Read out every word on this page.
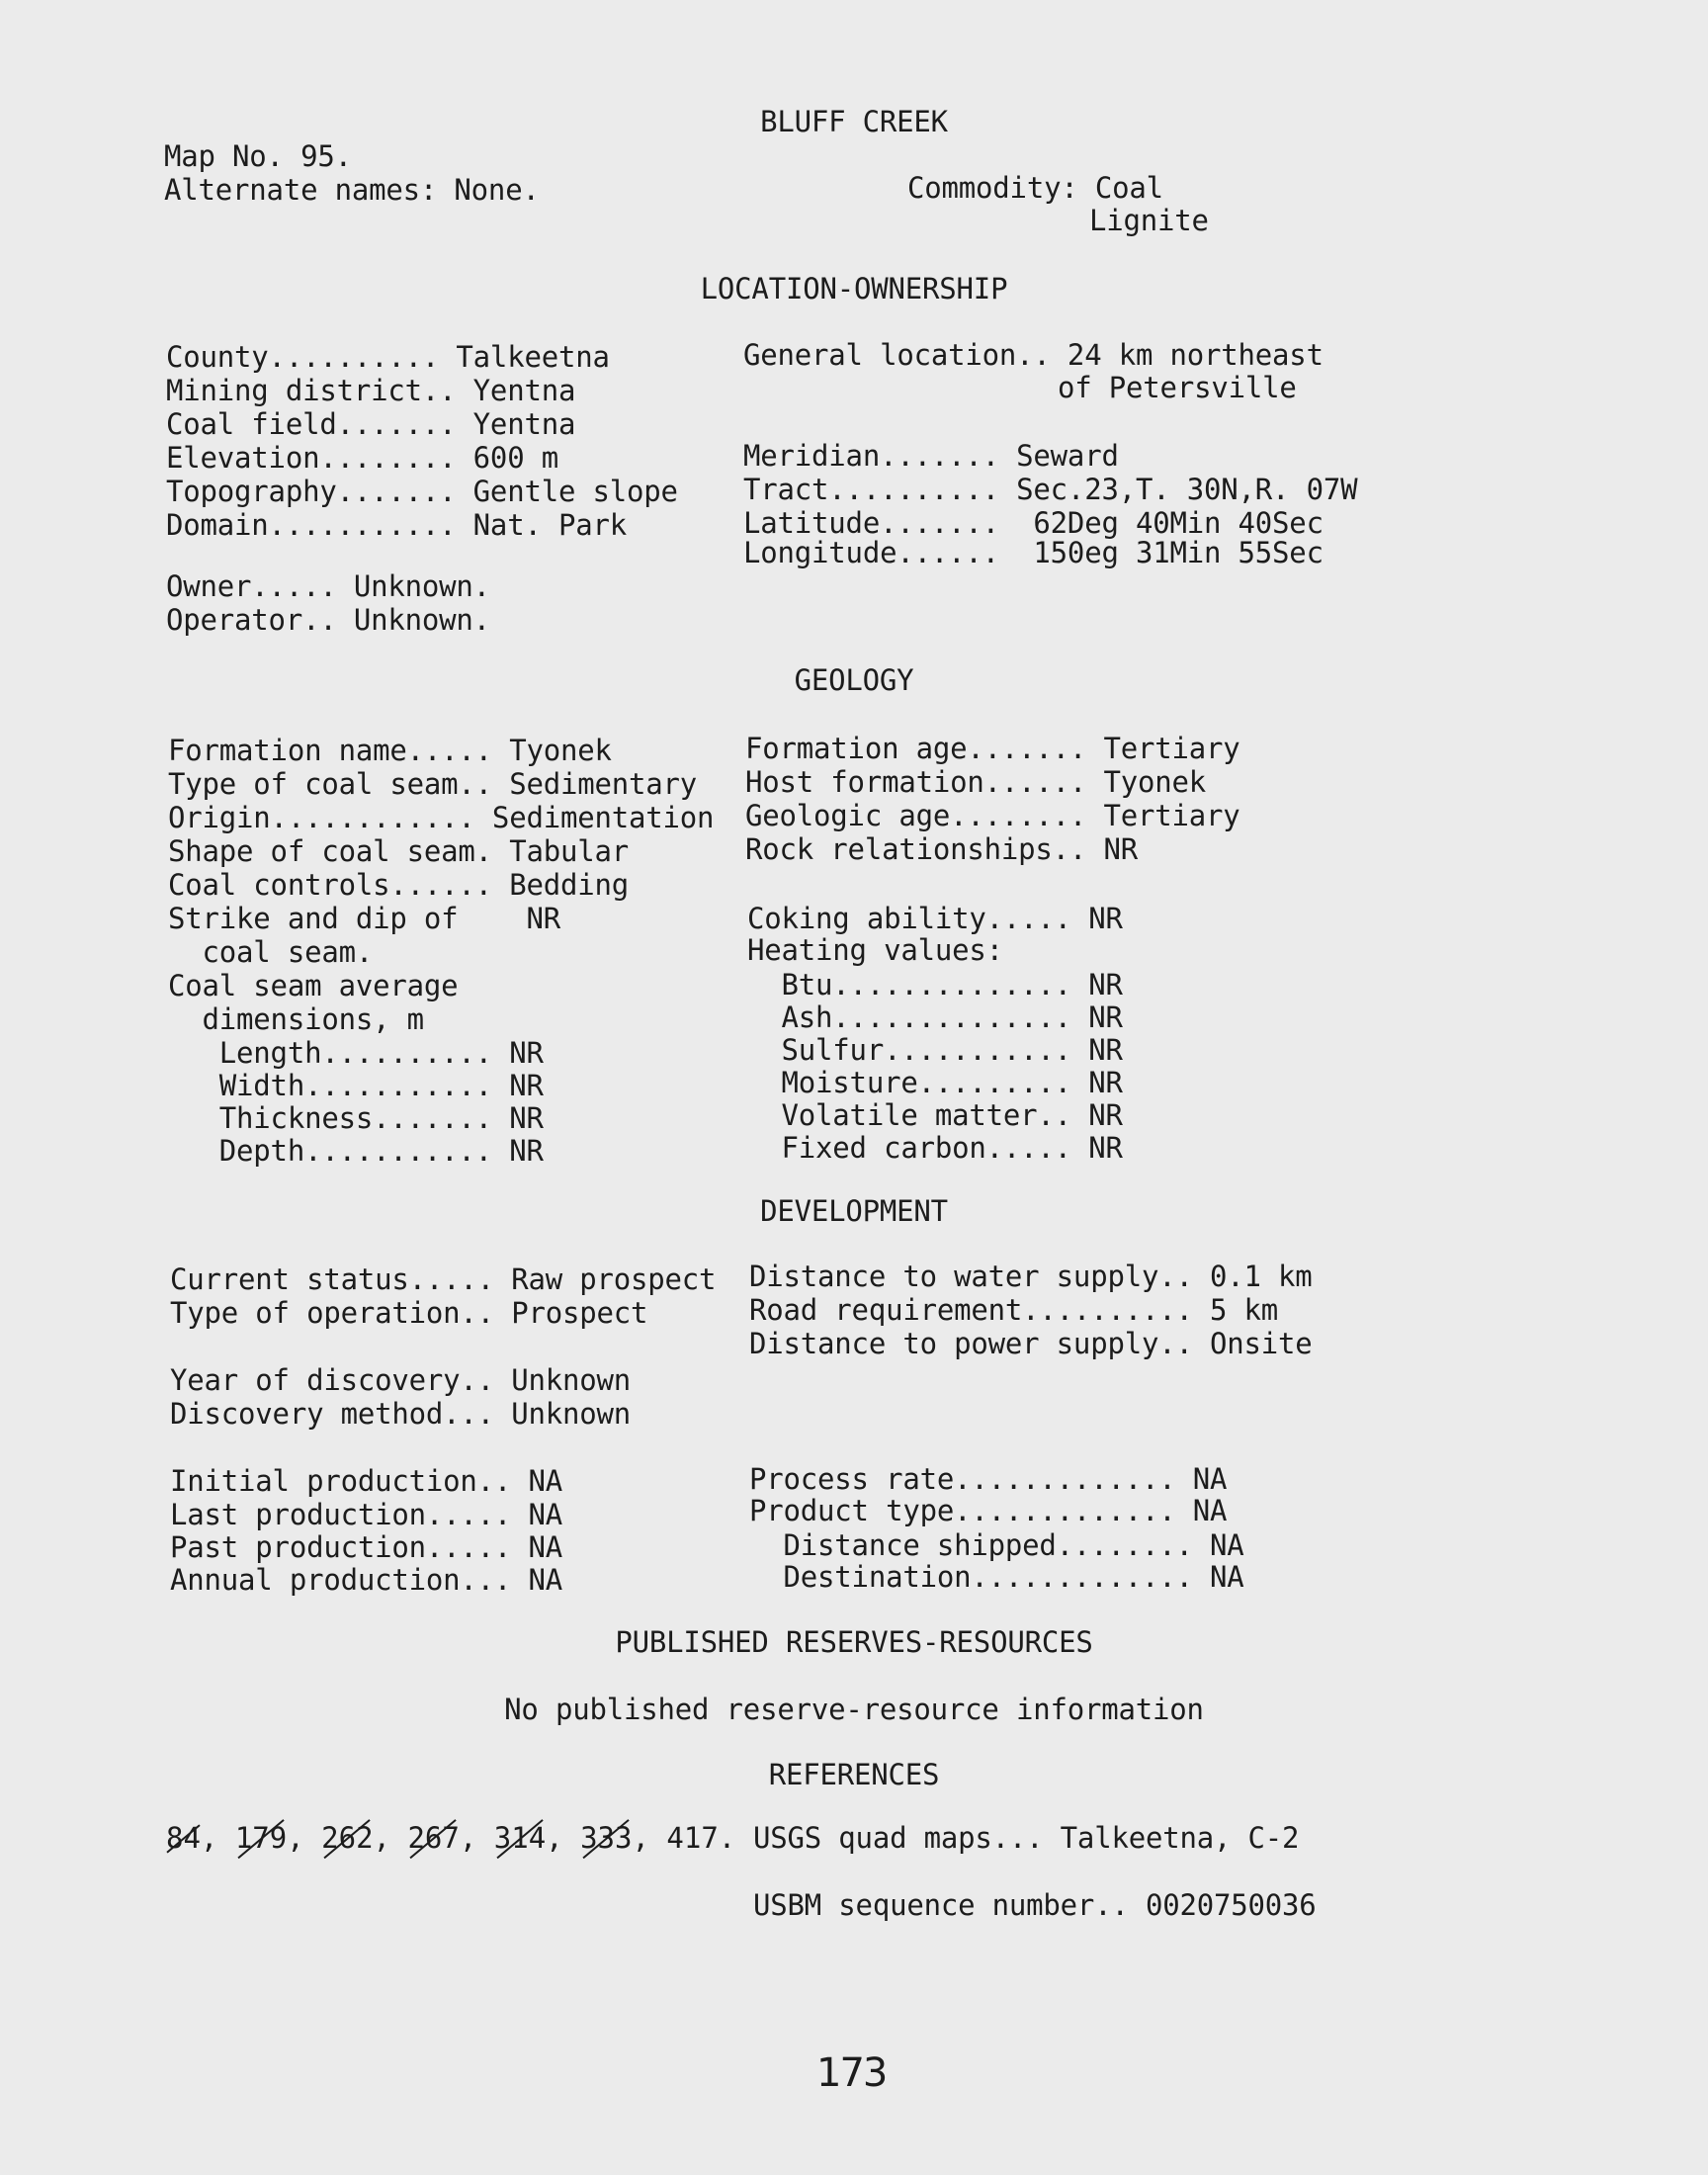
BLUFF CREEK
Map No. 95.
Alternate names: None.	Commodity: Coal
Lignite
LOCATION-OWNERSHIP
County.......... Talkeetna
Mining district.. Yentna
Coal field....... Yentna
Elevation........ 600 m
Topography....... Gentle slope
Domain........... Nat. Park
General location.. 24 km northeast
of Petersville
Meridian....... Seward
Tract.......... Sec.23,T. 30N,R. 07W
Latitude.......  62Deg 40Min 40Sec
Longitude......  150eg 31Min 55Sec
Owner..... Unknown.
Operator.. Unknown.
GEOLOGY
Formation name..... Tyonek
Type of coal seam.. Sedimentary
Origin............ Sedimentation
Shape of coal seam. Tabular
Coal controls...... Bedding
Strike and dip of    NR
coal seam.
Coal seam average
dimensions, m
Length.......... NR
Width........... NR
Thickness....... NR
Depth........... NR
Formation age....... Tertiary
Host formation...... Tyonek
Geologic age........ Tertiary
Rock relationships.. NR
Coking ability..... NR
Heating values:
Btu.............. NR
Ash.............. NR
Sulfur........... NR
Moisture......... NR
Volatile matter.. NR
Fixed carbon..... NR
DEVELOPMENT
Current status..... Raw prospect
Type of operation.. Prospect
Distance to water supply.. 0.1 km
Road requirement.......... 5 km
Distance to power supply.. Onsite
Year of discovery.. Unknown
Discovery method... Unknown
Initial production.. NA
Last production..... NA
Past production..... NA
Annual production... NA
Process rate............. NA
Product type............. NA
Distance shipped........ NA
Destination............. NA
PUBLISHED RESERVES-RESOURCES
No published reserve-resource information
REFERENCES
84, 179, 262, 267, 314, 333, 417. USGS quad maps... Talkeetna, C-2
USBM sequence number.. 0020750036
173
